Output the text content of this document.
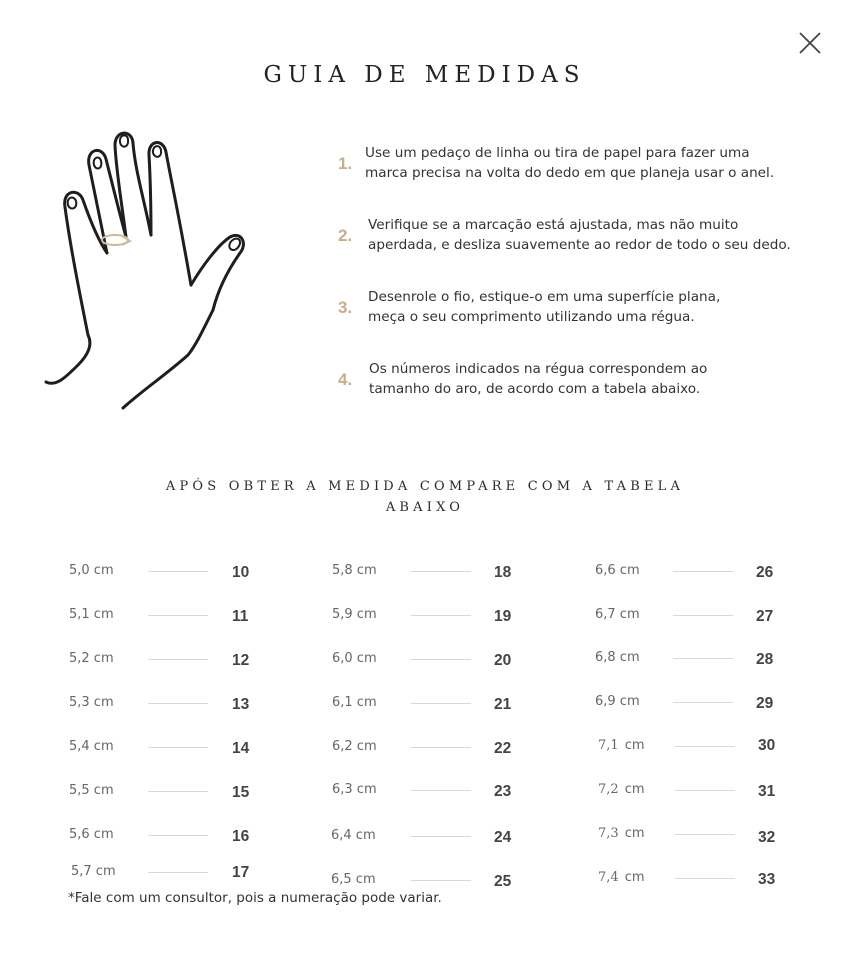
GUIA DE MEDIDAS
1.
Use um pedaço de linha ou tira de papel para fazer uma
marca precisa na volta do dedo em que planeja usar o anel.
2.
Verifique se a marcação está ajustada, mas não muito
aperdada, e desliza suavemente ao redor de todo o seu dedo.
3.
Desenrole o fio, estique-o em uma superfície plana,
meça o seu comprimento utilizando uma régua.
4.
Os números indicados na régua correspondem ao
tamanho do aro, de acordo com a tabela abaixo.
APÓS OBTER A MEDIDA COMPARE COM A TABELA ABAIXO
5,0 cm	10
5,1 cm	11
5,2 cm	12
5,3 cm	13
5,4 cm	14
5,5 cm	15
5,6 cm	16
5,7 cm	17
5,8 cm	18
5,9 cm	19
6,0 cm	20
6,1 cm	21
6,2 cm	22
6,3 cm	23
6,4 cm	24
6,5 cm	25
6,6 cm	26
6,7 cm	27
6,8 cm	28
6,9 cm	29
7,1 cm	30
7,2 cm	31
7,3 cm	32
7,4 cm	33
*Fale com um consultor, pois a numeração pode variar.
